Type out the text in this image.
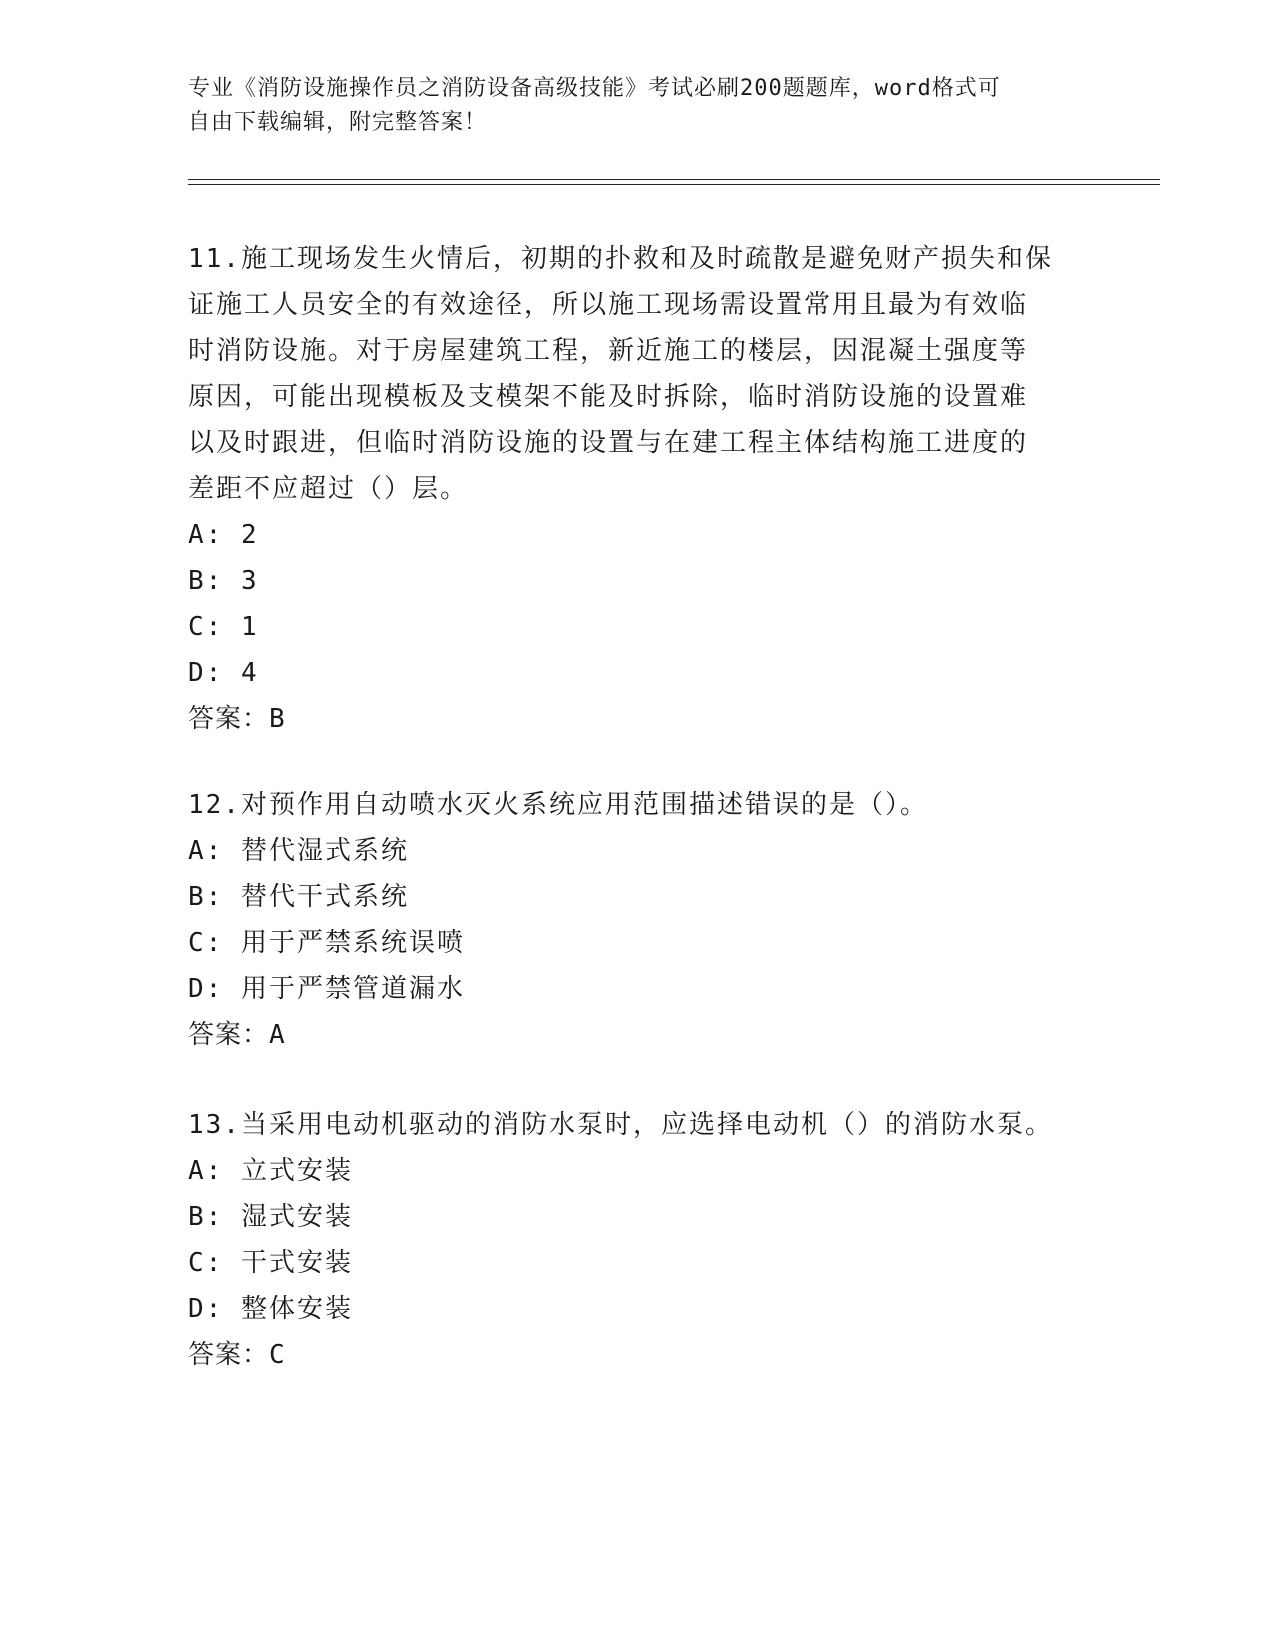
专业《消防设施操作员之消防设备高级技能》考试必刷200题题库，word格式可
自由下载编辑，附完整答案！

11.施工现场发生火情后，初期的扑救和及时疏散是避免财产损失和保

证施工人员安全的有效途径，所以施工现场需设置常用且最为有效临

时消防设施。对于房屋建筑工程，新近施工的楼层，因混凝土强度等

原因，可能出现模板及支模架不能及时拆除，临时消防设施的设置难

以及时跟进，但临时消防设施的设置与在建工程主体结构施工进度的

差距不应超过（）层。

A: 2

B: 3

C: 1

D: 4

答案：B

12.对预作用自动喷水灭火系统应用范围描述错误的是（）。

A: 替代湿式系统

B: 替代干式系统

C: 用于严禁系统误喷

D: 用于严禁管道漏水

答案：A

13.当采用电动机驱动的消防水泵时，应选择电动机（）的消防水泵。

A: 立式安装

B: 湿式安装

C: 干式安装

D: 整体安装

答案：C
